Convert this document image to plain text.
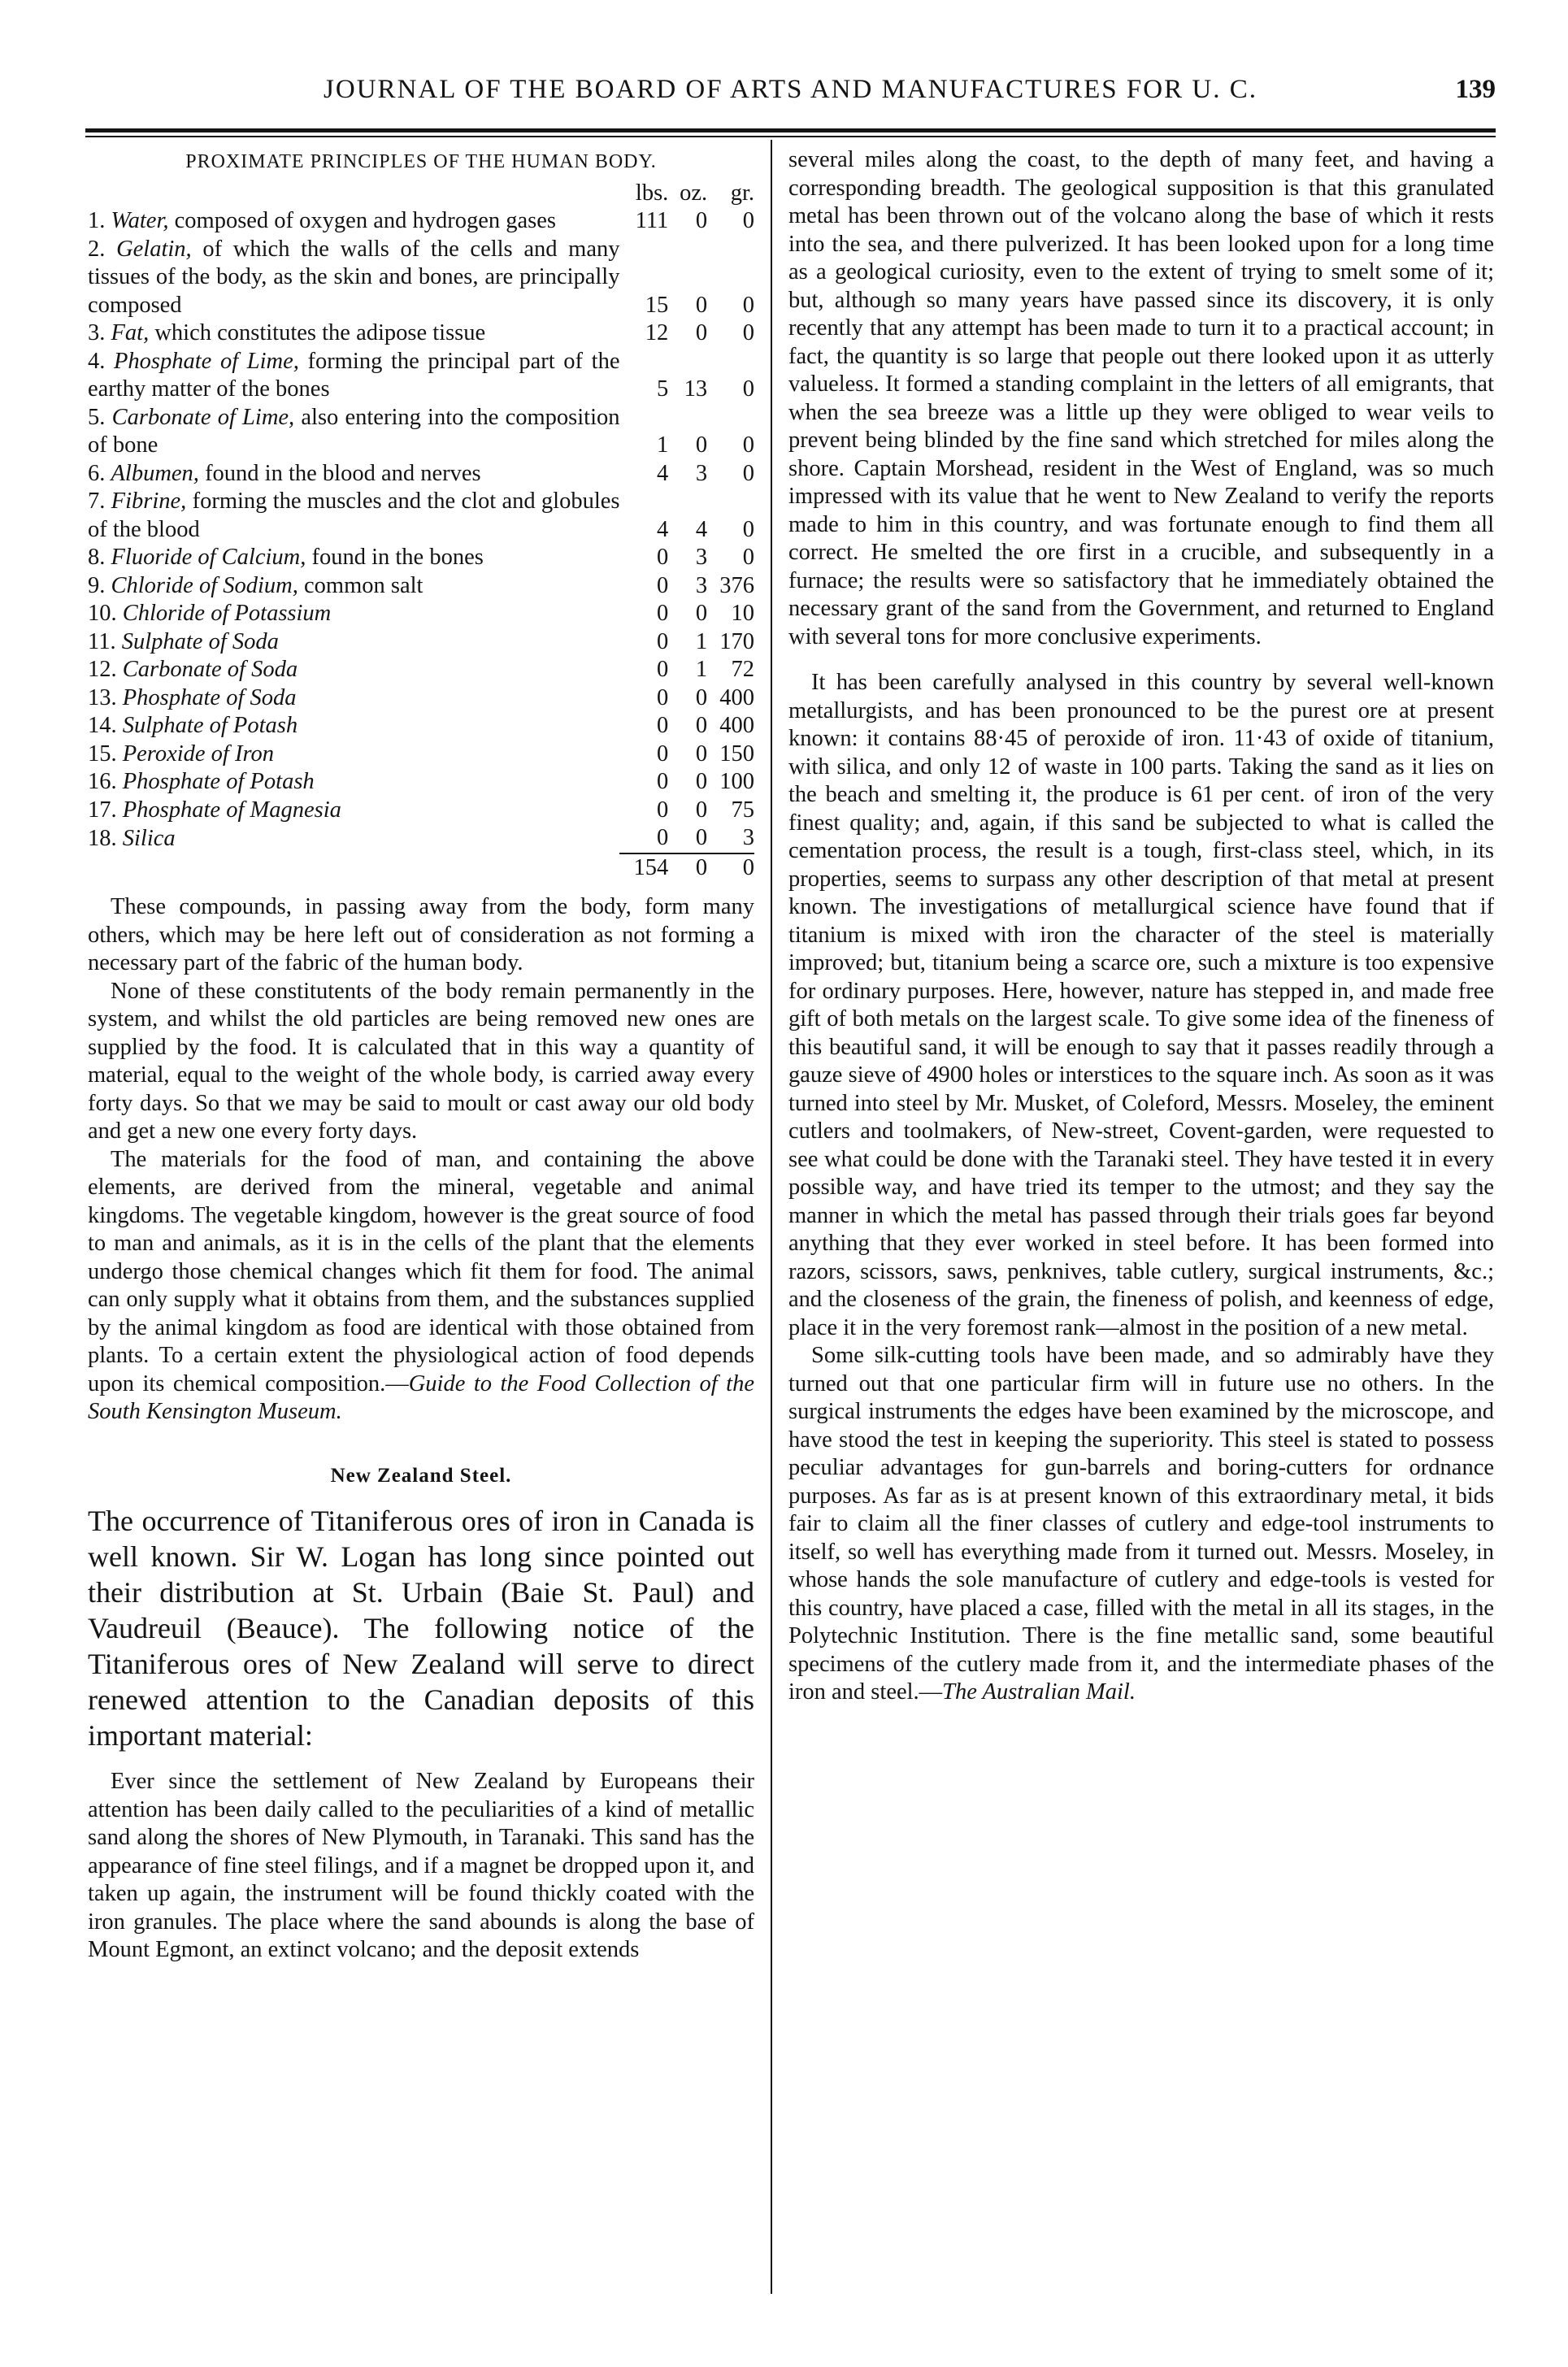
JOURNAL OF THE BOARD OF ARTS AND MANUFACTURES FOR U. C.	139
PROXIMATE PRINCIPLES OF THE HUMAN BODY.
	lbs.	oz.	gr.
1. Water, composed of oxygen and hydrogen gases	111	0	0
2. Gelatin, of which the walls of the cells and many tissues of the body, as the skin and bones, are principally composed	15	0	0
3. Fat, which constitutes the adipose tissue	12	0	0
4. Phosphate of Lime, forming the principal part of the earthy matter of the bones	5	13	0
5. Carbonate of Lime, also entering into the composition of bone	1	0	0
6. Albumen, found in the blood and nerves	4	3	0
7. Fibrine, forming the muscles and the clot and globules of the blood	4	4	0
8. Fluoride of Calcium, found in the bones	0	3	0
9. Chloride of Sodium, common salt	0	3	376
10. Chloride of Potassium	0	0	10
11. Sulphate of Soda	0	1	170
12. Carbonate of Soda	0	1	72
13. Phosphate of Soda	0	0	400
14. Sulphate of Potash	0	0	400
15. Peroxide of Iron	0	0	150
16. Phosphate of Potash	0	0	100
17. Phosphate of Magnesia	0	0	75
18. Silica	0	0	3
	154	0	0

These compounds, in passing away from the body, form many others, which may be here left out of consideration as not forming a necessary part of the fabric of the human body.

None of these constitutents of the body remain permanently in the system, and whilst the old particles are being removed new ones are supplied by the food. It is calculated that in this way a quantity of material, equal to the weight of the whole body, is carried away every forty days. So that we may be said to moult or cast away our old body and get a new one every forty days.

The materials for the food of man, and containing the above elements, are derived from the mineral, vegetable and animal kingdoms. The vegetable kingdom, however is the great source of food to man and animals, as it is in the cells of the plant that the elements undergo those chemical changes which fit them for food. The animal can only supply what it obtains from them, and the substances supplied by the animal kingdom as food are identical with those obtained from plants. To a certain extent the physiological action of food depends upon its chemical composition.—Guide to the Food Collection of the South Kensington Museum.

New Zealand Steel.

The occurrence of Titaniferous ores of iron in Canada is well known. Sir W. Logan has long since pointed out their distribution at St. Urbain (Baie St. Paul) and Vaudreuil (Beauce). The following notice of the Titaniferous ores of New Zealand will serve to direct renewed attention to the Canadian deposits of this important material:

Ever since the settlement of New Zealand by Europeans their attention has been daily called to the peculiarities of a kind of metallic sand along the shores of New Plymouth, in Taranaki. This sand has the appearance of fine steel filings, and if a magnet be dropped upon it, and taken up again, the instrument will be found thickly coated with the iron granules. The place where the sand abounds is along the base of Mount Egmont, an extinct volcano; and the deposit extends

several miles along the coast, to the depth of many feet, and having a corresponding breadth. The geological supposition is that this granulated metal has been thrown out of the volcano along the base of which it rests into the sea, and there pulverized. It has been looked upon for a long time as a geological curiosity, even to the extent of trying to smelt some of it; but, although so many years have passed since its discovery, it is only recently that any attempt has been made to turn it to a practical account; in fact, the quantity is so large that people out there looked upon it as utterly valueless. It formed a standing complaint in the letters of all emigrants, that when the sea breeze was a little up they were obliged to wear veils to prevent being blinded by the fine sand which stretched for miles along the shore. Captain Morshead, resident in the West of England, was so much impressed with its value that he went to New Zealand to verify the reports made to him in this country, and was fortunate enough to find them all correct. He smelted the ore first in a crucible, and subsequently in a furnace; the results were so satisfactory that he immediately obtained the necessary grant of the sand from the Government, and returned to England with several tons for more conclusive experiments.

It has been carefully analysed in this country by several well-known metallurgists, and has been pronounced to be the purest ore at present known: it contains 88·45 of peroxide of iron. 11·43 of oxide of titanium, with silica, and only 12 of waste in 100 parts. Taking the sand as it lies on the beach and smelting it, the produce is 61 per cent. of iron of the very finest quality; and, again, if this sand be subjected to what is called the cementation process, the result is a tough, first-class steel, which, in its properties, seems to surpass any other description of that metal at present known. The investigations of metallurgical science have found that if titanium is mixed with iron the character of the steel is materially improved; but, titanium being a scarce ore, such a mixture is too expensive for ordinary purposes. Here, however, nature has stepped in, and made free gift of both metals on the largest scale. To give some idea of the fineness of this beautiful sand, it will be enough to say that it passes readily through a gauze sieve of 4900 holes or interstices to the square inch. As soon as it was turned into steel by Mr. Musket, of Coleford, Messrs. Moseley, the eminent cutlers and toolmakers, of New-street, Covent-garden, were requested to see what could be done with the Taranaki steel. They have tested it in every possible way, and have tried its temper to the utmost; and they say the manner in which the metal has passed through their trials goes far beyond anything that they ever worked in steel before. It has been formed into razors, scissors, saws, penknives, table cutlery, surgical instruments, &c.; and the closeness of the grain, the fineness of polish, and keenness of edge, place it in the very foremost rank—almost in the position of a new metal.

Some silk-cutting tools have been made, and so admirably have they turned out that one particular firm will in future use no others. In the surgical instruments the edges have been examined by the microscope, and have stood the test in keeping the superiority. This steel is stated to possess peculiar advantages for gun-barrels and boring-cutters for ordnance purposes. As far as is at present known of this extraordinary metal, it bids fair to claim all the finer classes of cutlery and edge-tool instruments to itself, so well has everything made from it turned out. Messrs. Moseley, in whose hands the sole manufacture of cutlery and edge-tools is vested for this country, have placed a case, filled with the metal in all its stages, in the Polytechnic Institution. There is the fine metallic sand, some beautiful specimens of the cutlery made from it, and the intermediate phases of the iron and steel.—The Australian Mail.
